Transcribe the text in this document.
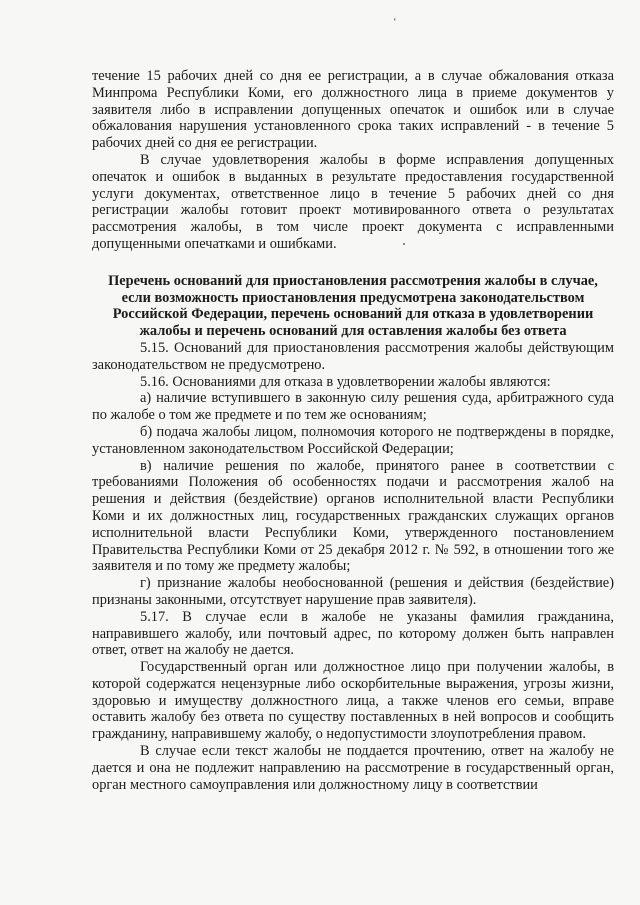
‘

течение 15 рабочих дней со дня ее регистрации, а в случае обжалования отказа Минпрома Республики Коми, его должностного лица в приеме документов у заявителя либо в исправлении допущенных опечаток и ошибок или в случае обжалования нарушения установленного срока таких исправлений - в течение 5 рабочих дней со дня ее регистрации.

В случае удовлетворения жалобы в форме исправления допущенных опечаток и ошибок в выданных в результате предоставления государственной услуги документах, ответственное лицо в течение 5 рабочих дней со дня регистрации жалобы готовит проект мотивированного ответа о результатах рассмотрения жалобы, в том числе проект документа с исправленными допущенными опечатками и ошибками.

Перечень оснований для приостановления рассмотрения жалобы в случае, если возможность приостановления предусмотрена законодательством Российской Федерации, перечень оснований для отказа в удовлетворении жалобы и перечень оснований для оставления жалобы без ответа

5.15. Оснований для приостановления рассмотрения жалобы действующим законодательством не предусмотрено.

5.16. Основаниями для отказа в удовлетворении жалобы являются:

а) наличие вступившего в законную силу решения суда, арбитражного суда по жалобе о том же предмете и по тем же основаниям;

б) подача жалобы лицом, полномочия которого не подтверждены в порядке, установленном законодательством Российской Федерации;

в) наличие решения по жалобе, принятого ранее в соответствии с требованиями Положения об особенностях подачи и рассмотрения жалоб на решения и действия (бездействие) органов исполнительной власти Республики Коми и их должностных лиц, государственных гражданских служащих органов исполнительной власти Республики Коми, утвержденного постановлением Правительства Республики Коми от 25 декабря 2012 г. № 592, в отношении того же заявителя и по тому же предмету жалобы;

г) признание жалобы необоснованной (решения и действия (бездействие) признаны законными, отсутствует нарушение прав заявителя).

5.17. В случае если в жалобе не указаны фамилия гражданина, направившего жалобу, или почтовый адрес, по которому должен быть направлен ответ, ответ на жалобу не дается.

Государственный орган или должностное лицо при получении жалобы, в которой содержатся нецензурные либо оскорбительные выражения, угрозы жизни, здоровью и имуществу должностного лица, а также членов его семьи, вправе оставить жалобу без ответа по существу поставленных в ней вопросов и сообщить гражданину, направившему жалобу, о недопустимости злоупотребления правом.

В случае если текст жалобы не поддается прочтению, ответ на жалобу не дается и она не подлежит направлению на рассмотрение в государственный орган, орган местного самоуправления или должностному лицу в соответствии
